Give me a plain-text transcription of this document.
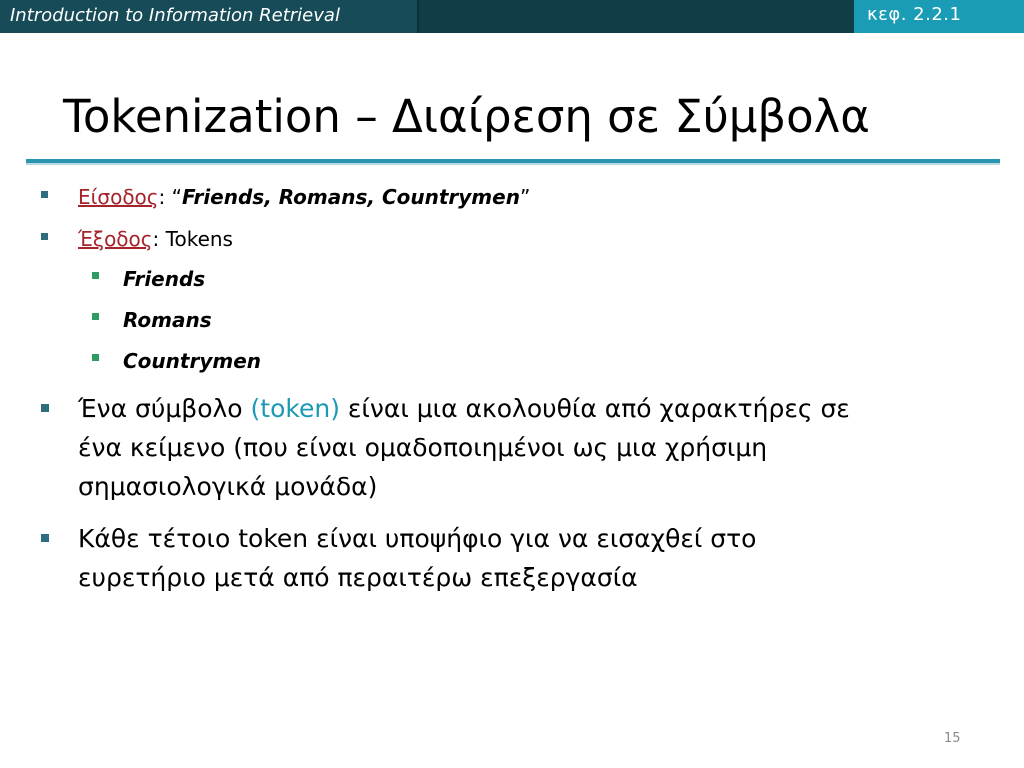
Introduction to Information Retrieval	κεφ. 2.2.1
Tokenization – Διαίρεση σε Σύμβολα
Είσοδος: “Friends, Romans, Countrymen”
Έξοδος: Tokens
Friends
Romans
Countrymen
Ένα σύμβολο (token) είναι μια ακολουθία από χαρακτήρες σε
ένα κείμενο (που είναι ομαδοποιημένοι ως μια χρήσιμη
σημασιολογικά μονάδα)
Κάθε τέτοιο token είναι υποψήφιο για να εισαχθεί στο
ευρετήριο μετά από περαιτέρω επεξεργασία
15
